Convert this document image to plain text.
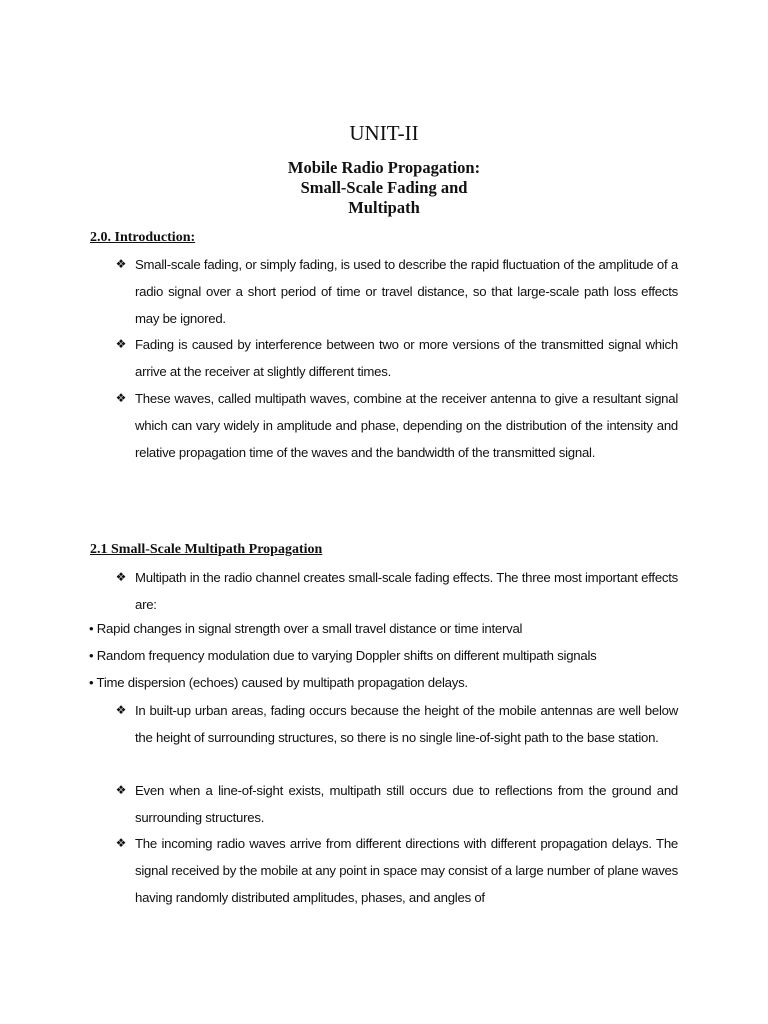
UNIT-II
Mobile Radio Propagation:
Small-Scale Fading and
Multipath
2.0. Introduction:
❖ Small-scale fading, or simply fading, is used to describe the rapid fluctuation of the amplitude of a radio signal over a short period of time or travel distance, so that large-scale path loss effects may be ignored.
❖ Fading is caused by interference between two or more versions of the transmitted signal which arrive at the receiver at slightly different times.
❖ These waves, called multipath waves, combine at the receiver antenna to give a resultant signal which can vary widely in amplitude and phase, depending on the distribution of the intensity and relative propagation time of the waves and the bandwidth of the transmitted signal.
2.1 Small-Scale Multipath Propagation
❖ Multipath in the radio channel creates small-scale fading effects. The three most important effects are:
• Rapid changes in signal strength over a small travel distance or time interval
• Random frequency modulation due to varying Doppler shifts on different multipath signals
• Time dispersion (echoes) caused by multipath propagation delays.
❖ In built-up urban areas, fading occurs because the height of the mobile antennas are well below the height of surrounding structures, so there is no single line-of-sight path to the base station.
❖ Even when a line-of-sight exists, multipath still occurs due to reflections from the ground and surrounding structures.
❖ The incoming radio waves arrive from different directions with different propagation delays. The signal received by the mobile at any point in space may consist of a large number of plane waves having randomly distributed amplitudes, phases, and angles of
